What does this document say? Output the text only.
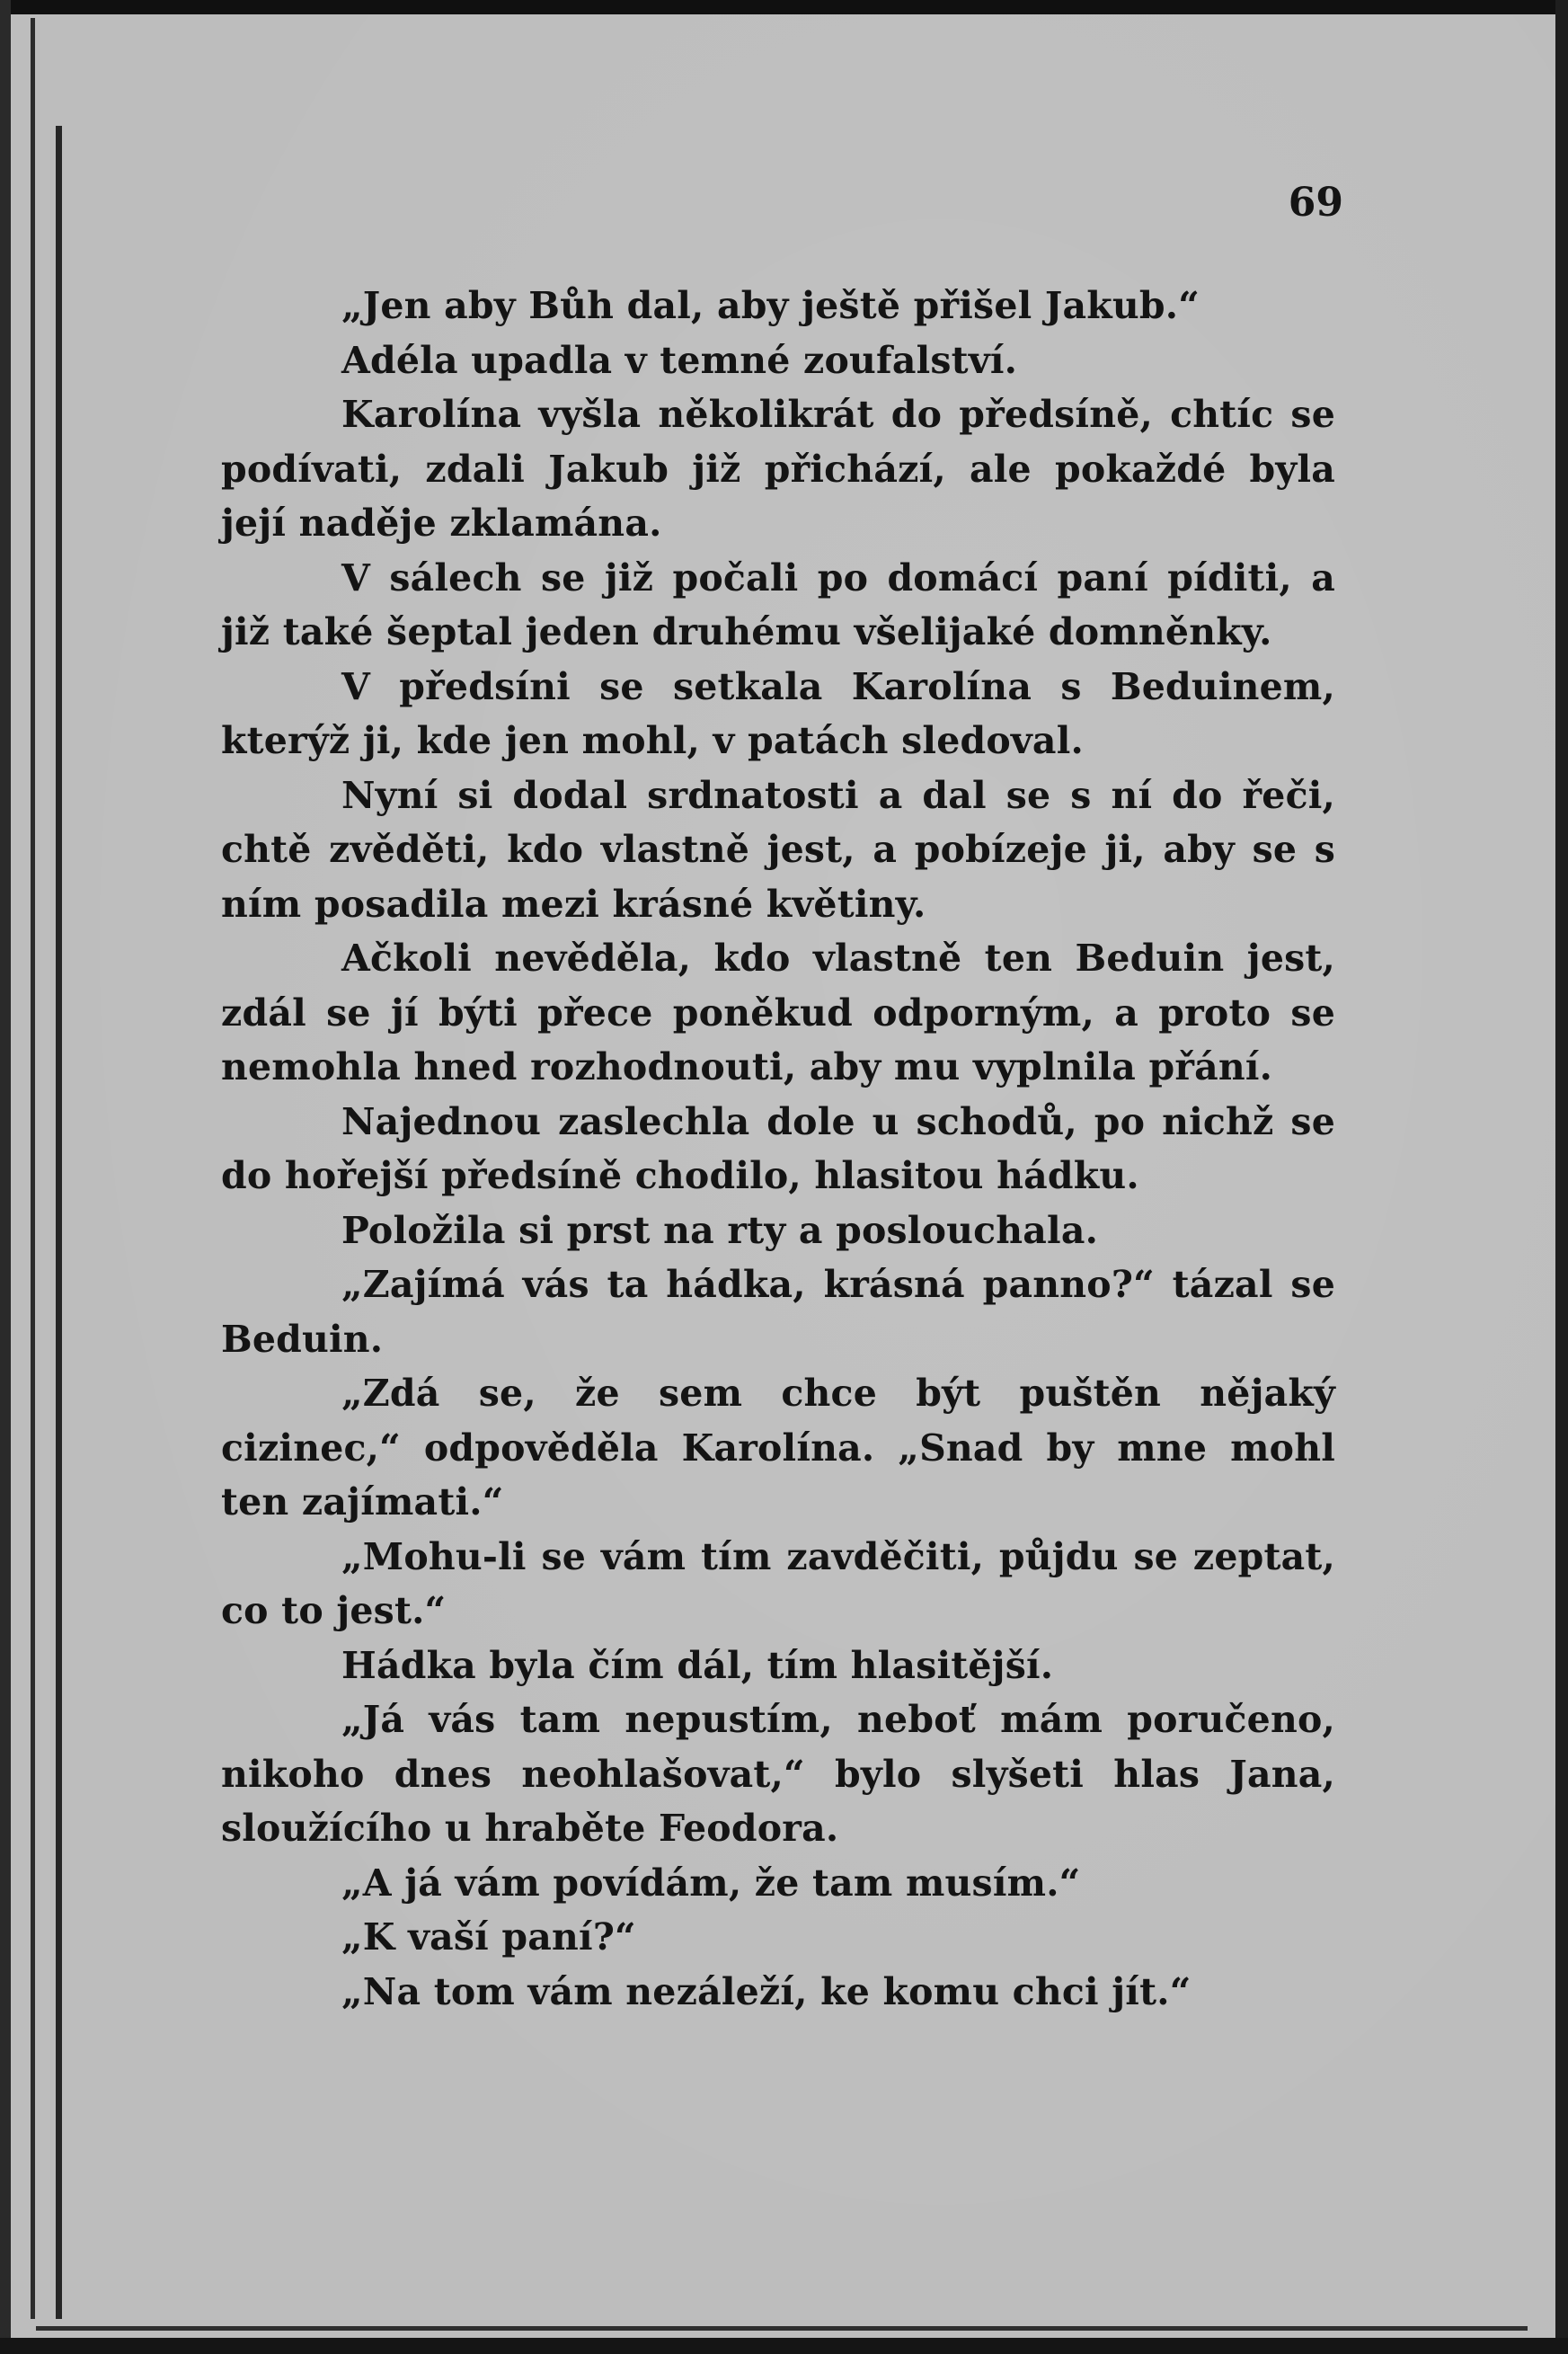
69

„Jen aby Bůh dal, aby ještě přišel Jakub.“

Adéla upadla v temné zoufalství.

Karolína vyšla několikrát do předsíně, chtíc se podívati, zdali Jakub již přichází, ale pokaždé byla její naděje zklamána.

V sálech se již počali po domácí paní píditi, a již také šeptal jeden druhému všelijaké domněnky.

V předsíni se setkala Karolína s Beduinem, kterýž ji, kde jen mohl, v patách sledoval.

Nyní si dodal srdnatosti a dal se s ní do řeči, chtě zvěděti, kdo vlastně jest, a pobízeje ji, aby se s ním posadila mezi krásné květiny.

Ačkoli nevěděla, kdo vlastně ten Beduin jest, zdál se jí býti přece poněkud odporným, a proto se nemohla hned rozhodnouti, aby mu vyplnila přání.

Najednou zaslechla dole u schodů, po nichž se do hořejší předsíně chodilo, hlasitou hádku.

Položila si prst na rty a poslouchala.

„Zajímá vás ta hádka, krásná panno?“ tázal se Beduin.

„Zdá se, že sem chce být puštěn nějaký cizinec,“ odpověděla Karolína. „Snad by mne mohl ten zajímati.“

„Mohu-li se vám tím zavděčiti, půjdu se zeptat, co to jest.“

Hádka byla čím dál, tím hlasitější.

„Já vás tam nepustím, neboť mám poručeno, nikoho dnes neohlašovat,“ bylo slyšeti hlas Jana, sloužícího u hraběte Feodora.

„A já vám povídám, že tam musím.“

„K vaší paní?“

„Na tom vám nezáleží, ke komu chci jít.“
